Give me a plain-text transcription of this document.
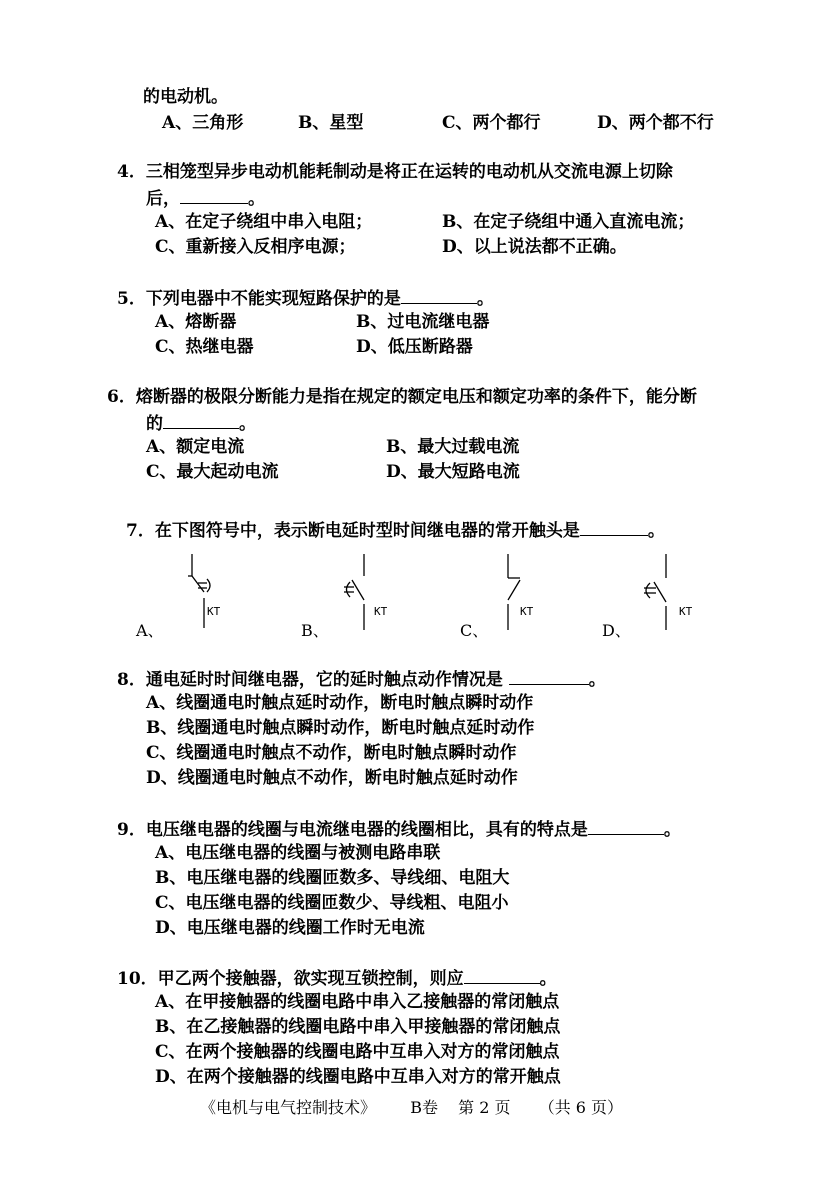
的电动机。
A、三角形	B、星型	C、两个都行	D、两个都不行
4．三相笼型异步电动机能耗制动是将正在运转的电动机从交流电源上切除
后，	。
A、在定子绕组中串入电阻；	B、在定子绕组中通入直流电流；
C、重新接入反相序电源；	D、以上说法都不正确。
5．下列电器中不能实现短路保护的是	。
A、熔断器	B、过电流继电器
C、热继电器	D、低压断路器
6．熔断器的极限分断能力是指在规定的额定电压和额定功率的条件下，能分断
的	。
A、额定电流	B、最大过载电流
C、最大起动电流	D、最大短路电流
7．在下图符号中，表示断电延时型时间继电器的常开触头是	。
KT
A、
KT
B、
KT
C、
KT
D、
8．通电延时时间继电器，它的延时触点动作情况是	。
A、线圈通电时触点延时动作，断电时触点瞬时动作
B、线圈通电时触点瞬时动作，断电时触点延时动作
C、线圈通电时触点不动作，断电时触点瞬时动作
D、线圈通电时触点不动作，断电时触点延时动作
9．电压继电器的线圈与电流继电器的线圈相比，具有的特点是	。
A、电压继电器的线圈与被测电路串联
B、电压继电器的线圈匝数多、导线细、电阻大
C、电压继电器的线圈匝数少、导线粗、电阻小
D、电压继电器的线圈工作时无电流
10．甲乙两个接触器，欲实现互锁控制，则应	。
A、在甲接触器的线圈电路中串入乙接触器的常闭触点
B、在乙接触器的线圈电路中串入甲接触器的常闭触点
C、在两个接触器的线圈电路中互串入对方的常闭触点
D、在两个接触器的线圈电路中互串入对方的常开触点
《电机与电气控制技术》 B卷 第 2 页 （共 6 页）
